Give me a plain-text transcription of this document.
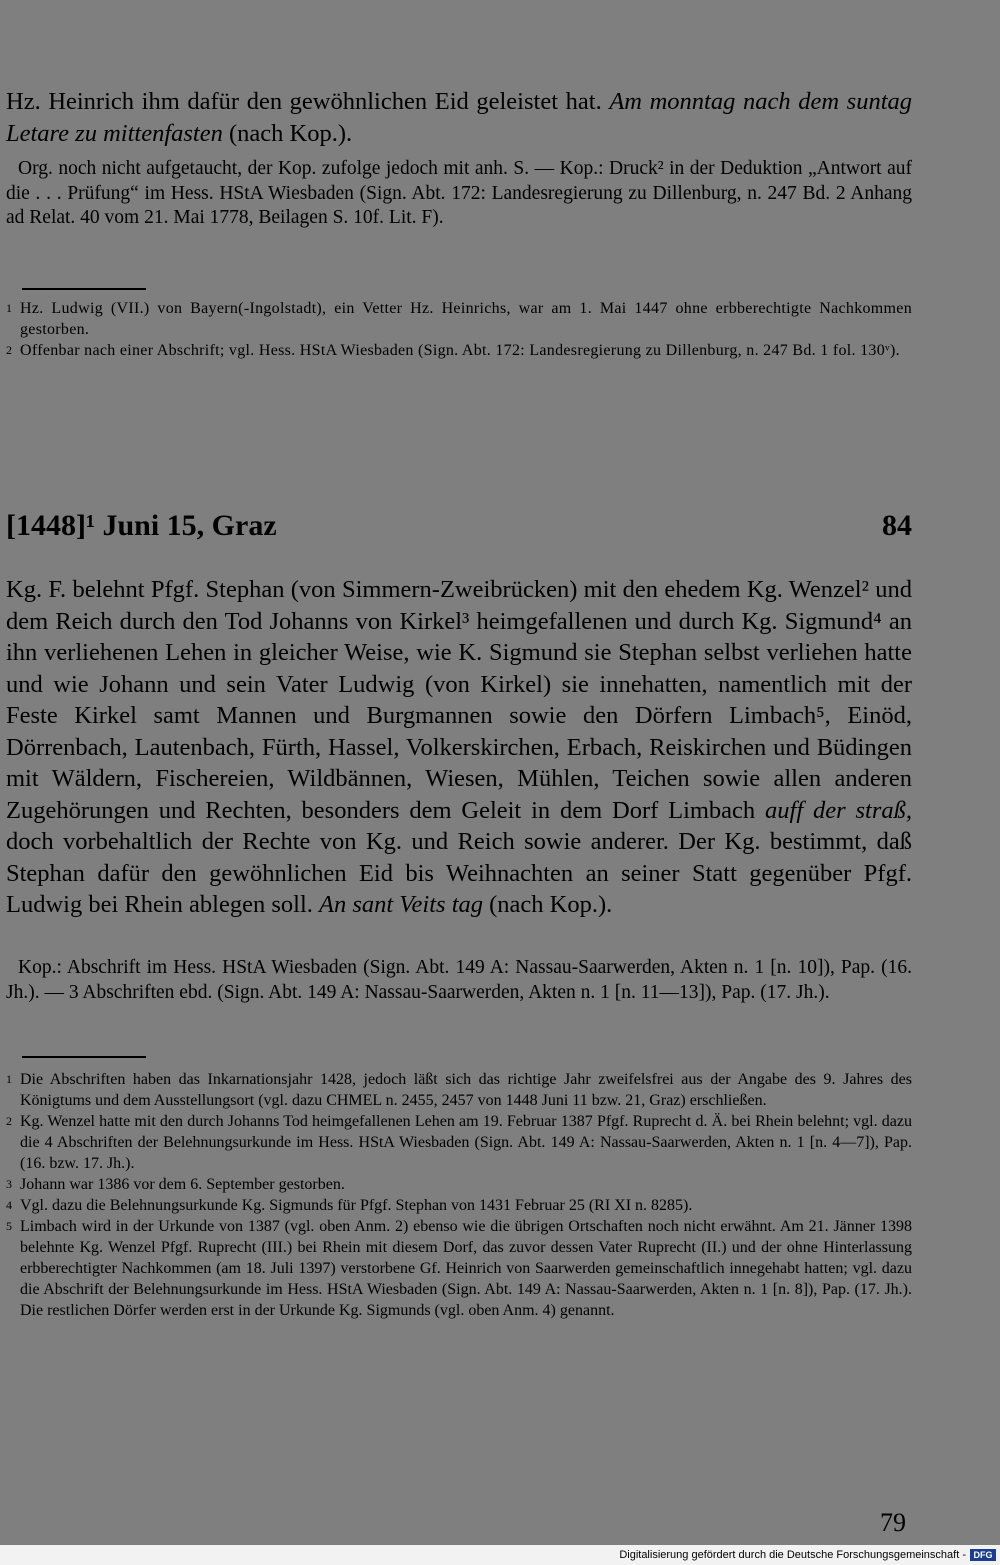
Hz. Heinrich ihm dafür den gewöhnlichen Eid geleistet hat. Am monntag nach dem suntag Letare zu mittenfasten (nach Kop.).
Org. noch nicht aufgetaucht, der Kop. zufolge jedoch mit anh. S. — Kop.: Druck² in der Deduktion „Antwort auf die . . . Prüfung“ im Hess. HStA Wiesbaden (Sign. Abt. 172: Landesregierung zu Dillenburg, n. 247 Bd. 2 Anhang ad Relat. 40 vom 21. Mai 1778, Beilagen S. 10f. Lit. F).
1 Hz. Ludwig (VII.) von Bayern(-Ingolstadt), ein Vetter Hz. Heinrichs, war am 1. Mai 1447 ohne erbberechtigte Nachkommen gestorben.
2 Offenbar nach einer Abschrift; vgl. Hess. HStA Wiesbaden (Sign. Abt. 172: Landesregierung zu Dillenburg, n. 247 Bd. 1 fol. 130ᵛ).
[1448]¹ Juni 15, Graz	84
Kg. F. belehnt Pfgf. Stephan (von Simmern-Zweibrücken) mit den ehedem Kg. Wenzel² und dem Reich durch den Tod Johanns von Kirkel³ heimgefallenen und durch Kg. Sigmund⁴ an ihn verliehenen Lehen in gleicher Weise, wie K. Sigmund sie Stephan selbst verliehen hatte und wie Johann und sein Vater Ludwig (von Kirkel) sie innehatten, namentlich mit der Feste Kirkel samt Mannen und Burgmannen sowie den Dörfern Limbach⁵, Einöd, Dörrenbach, Lautenbach, Fürth, Hassel, Volkerskirchen, Erbach, Reiskirchen und Büdingen mit Wäldern, Fischereien, Wildbännen, Wiesen, Mühlen, Teichen sowie allen anderen Zugehörungen und Rechten, besonders dem Geleit in dem Dorf Limbach auff der straß, doch vorbehaltlich der Rechte von Kg. und Reich sowie anderer. Der Kg. bestimmt, daß Stephan dafür den gewöhnlichen Eid bis Weihnachten an seiner Statt gegenüber Pfgf. Ludwig bei Rhein ablegen soll. An sant Veits tag (nach Kop.).
Kop.: Abschrift im Hess. HStA Wiesbaden (Sign. Abt. 149 A: Nassau-Saarwerden, Akten n. 1 [n. 10]), Pap. (16. Jh.). — 3 Abschriften ebd. (Sign. Abt. 149 A: Nassau-Saarwerden, Akten n. 1 [n. 11—13]), Pap. (17. Jh.).
1 Die Abschriften haben das Inkarnationsjahr 1428, jedoch läßt sich das richtige Jahr zweifelsfrei aus der Angabe des 9. Jahres des Königtums und dem Ausstellungsort (vgl. dazu CHMEL n. 2455, 2457 von 1448 Juni 11 bzw. 21, Graz) erschließen.
2 Kg. Wenzel hatte mit den durch Johanns Tod heimgefallenen Lehen am 19. Februar 1387 Pfgf. Ruprecht d. Ä. bei Rhein belehnt; vgl. dazu die 4 Abschriften der Belehnungsurkunde im Hess. HStA Wiesbaden (Sign. Abt. 149 A: Nassau-Saarwerden, Akten n. 1 [n. 4—7]), Pap. (16. bzw. 17. Jh.).
3 Johann war 1386 vor dem 6. September gestorben.
4 Vgl. dazu die Belehnungsurkunde Kg. Sigmunds für Pfgf. Stephan von 1431 Februar 25 (RI XI n. 8285).
5 Limbach wird in der Urkunde von 1387 (vgl. oben Anm. 2) ebenso wie die übrigen Ortschaften noch nicht erwähnt. Am 21. Jänner 1398 belehnte Kg. Wenzel Pfgf. Ruprecht (III.) bei Rhein mit diesem Dorf, das zuvor dessen Vater Ruprecht (II.) und der ohne Hinterlassung erbberechtigter Nachkommen (am 18. Juli 1397) verstorbene Gf. Heinrich von Saarwerden gemeinschaftlich innegehabt hatten; vgl. dazu die Abschrift der Belehnungsurkunde im Hess. HStA Wiesbaden (Sign. Abt. 149 A: Nassau-Saarwerden, Akten n. 1 [n. 8]), Pap. (17. Jh.). Die restlichen Dörfer werden erst in der Urkunde Kg. Sigmunds (vgl. oben Anm. 4) genannt.
79
Digitalisierung gefördert durch die Deutsche Forschungsgemeinschaft - DFG
